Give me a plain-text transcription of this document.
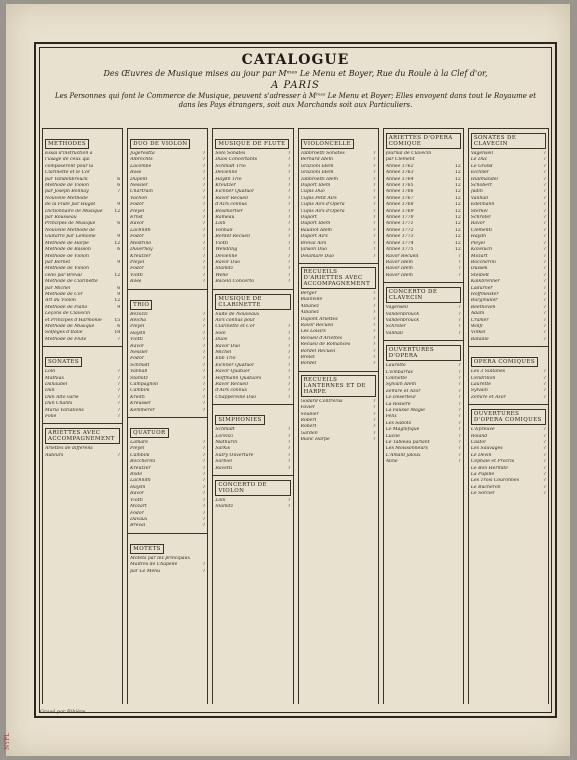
CATALOGUE
Des Œuvres de Musique mises au jour par Mᵐᵉˢ Le Menu et Boyer, Rue du Roule à la Clef d'or,
A PARIS
Les Personnes qui font le Commerce de Musique, peuvent s'adresser à Mᵐᵉˢ Le Menu et Boyer; Elles envoyent dans tout le Royaume et dans les Pays étrangers, soit aux Marchands soit aux Particuliers.
METHODES
Essai d'instruction à
l'usage de ceux qui
composeront pour la
Clarinette et le Cor
par Vandenbrouck	6
Méthode de Violon	6
par Joseph Bonnay	7
Nouvelle Méthode
de la Flûte par Hugot	9
Dictionnaire de Musique	12
par Rousseau
Principes de Musique	6
Nouvelle Méthode de
Guitarre par Lemoine	9
Méthode de Harpe	12
Méthode de Basson	6
Méthode de Violon
par Bornet	9
Méthode de Violon
cello par Breval	12
Méthode de Clarinette
par Michel	6
Méthode de Cor	9
Art du Violon	12
Méthode de Piano	9
Leçons de Clavecin
et Principes d'Harmonie	15
Méthode de Musique	6
Solfèges d'Italie	18
Méthode de Flûte	7
SONATES
Lolli	7
Mathias	7
Danaubel	7
Dun	7
Dun Alto varié	7
Dun Chants	7
Maria Variations	7
Folie	7
ARIETTES AVEC ACCOMPAGNEMENT
Ariettes de différens
Auteurs	7
DUO DE VIOLON
Jugereatta	7
Albrechts	7
Lacombe	7
Rose	7
Dupont	7
Nessler	7
Chartrain	7
Vachon	7
Fodor	7
Pleyel	7
Ernst	7
Ravor	7
Lachnith	7
Fodor	7
Mestrino	7
Duvernoy	7
Kreutzer	7
Pleyel	7
Fodor	7
Viotti	7
Rose	7
TRIO
Bezozzi	7
Reicha	7
Pleyel	7
Haydn	7
Viotti	7
Ravor	7
Nessler	7
Fodor	7
Schmidt	7
Vanhall	7
Stamitz	7
Campagnoli	7
Cambini	7
Kreith	7
Kreusser	7
Kemmerer	7
QUATUOR
Lamare	7
Pleyel	7
Cambini	7
Boccherini	7
Kreutzer	7
Rode	7
Lachnith	7
Haydn	7
Ravor	7
Viotti	7
Mozart	7
Fodor	7
Davaux	7
Bréval	7
MOTETS
Motets par les principaux
Maîtres de Chapelle	7
par Le Menu	7
MUSIQUE DE FLUTE
Solo Sonates	7
Duos Concertants	7
Schmidt Trio	7
Devienne	7
Haydn Trio	7
Kreutzer	7
Eichner Quatuor	7
Ravor Recueil	7
d'Airs connus	7
Boismortier	7
Rameau	7
Lolli	7
Vanhall	7
Bordet Recueil	7
Viotti	7
Wendling	7
Devienne	7
Ravor Duo	7
Stamitz	7
Wene	7
Bacelli Concerto	7
MUSIQUE DE CLARINETTE
Suite de Nouveaux
Airs connus pour
Clarinette et Cor	7
Solo	7
Duos	7
Ravor Duo	7
Michel	7
Ebb Trio	7
Eichner Quatuor	7
Ravor Quatuor	7
Hoffmann Quatuors	7
Ravor Recueil	7
d'Airs connus	7
Chappereille Duo	7
SIMPHONIES
Schmidt	7
Lorenzi	7
Mathurin	7
Sarkis	7
Sutry Ouverture	7
Sarbiel	7
Ravetti	7
CONCERTO DE VIOLON
Lolli	7
Stamitz	7
VIOLONCELLE
Tabbroetti Sonates	7
Bernard Idem	7
Grazioni Idem	7
Grazioni Idem	7
Tabbroetti Idem	7
Duport Idem	7
Cupis Duo	7
Cupis Petit Airs	7
Cupis Airs d'Opéra	7
Cupis Airs d'Opéra	7
Duport	7
Duport Idem	7
Baudiot Idem	7
Duport Airs	7
Bréval Airs	7
Janson Duo	7
Delamare Duo	7
RECUEILS D'ARIETTES AVEC ACCOMPAGNEMENT
Berger	7
Blainville	7
Albanez	7
Albanez	7
Dupont Ariettes	7
Ravor Recueil	7
Les Loisirs	7
Recueil d'Ariettes	7
Recueil de Romances	7
Bordet Recueil	7
Brelet	7
Bordet	7
RECUEILS LANTERNES ET DE HARPE
Godard Contreras	7
Favier	7
Soubier	7
Robert	7
Robert	7
Garden	7
Blanc Harpe	7
ARIETTES D'OPERA COMIQUE
Journal de Clavecin
par Clement
Année 1762	12
Année 1763	12
Année 1764	12
Année 1765	12
Année 1766	12
Année 1767	12
Année 1768	12
Année 1769	12
Année 1770	12
Année 1771	12
Année 1772	12
Année 1773	12
Année 1774	12
Année 1775	12
Ravor Recueil	7
Ravor Idem	7
Ravor Idem	7
Ravor Idem	7
CONCERTO DE CLAVECIN
Vagenseil	7
Vandenbrouck	7
Vandenbrouck	7
Schroter	7
Vanhall	7
OUVERTURES D'OPERA
Laurette	7
L'Embarras	7
Colinette	7
Sylvain Idem	7
Zémire et Azor	7
Le Déserteur	7
La Rosière	7
La Fausse Magie	7
Félix	7
Les Sabots	7
Le Magnifique	7
Lucile	7
Le Tableau parlant	7
Les Moissonneurs	7
L'Amant jaloux	7
Aline	7
SONATES DE CLAVECIN
Vagenseil	7
Le Duc	7
Le Grand	7
Eichner	7
Hüllmandel	7
Schobert	7
Jadin	7
Vanhall	7
Edelmann	7
Sterkel	7
Schröter	7
Ravor	7
Clementi	7
Haydn	7
Pleyel	7
Kozeluch	7
Mozart	7
Boccherini	7
Dussek	7
Steibelt	7
Kalkbrenner	7
Ladurner	7
Hoffmeister	7
Burgmuller	7
Beethoven	7
Adam	7
Cramer	7
Wölfl	7
Vinkel	7
Bataille	7
OPERA COMIQUES
Les 3 Sultanes	7
Cendrillon	7
Laurette	7
Sylvain	7
Zémire et Azor	7
OUVERTURES D'OPERA COMIQUES
L'Épreuve	7
Roland	7
Castor	7
Les Sauvages	7
Le Devin	7
Céphale et Procris	7
Le Bon Hermite	7
La Pupille	7
Les Trois Couronnes	7
Le Bucheron	7
Le Sorcier	7
Gravé par Ribière
NYPL
